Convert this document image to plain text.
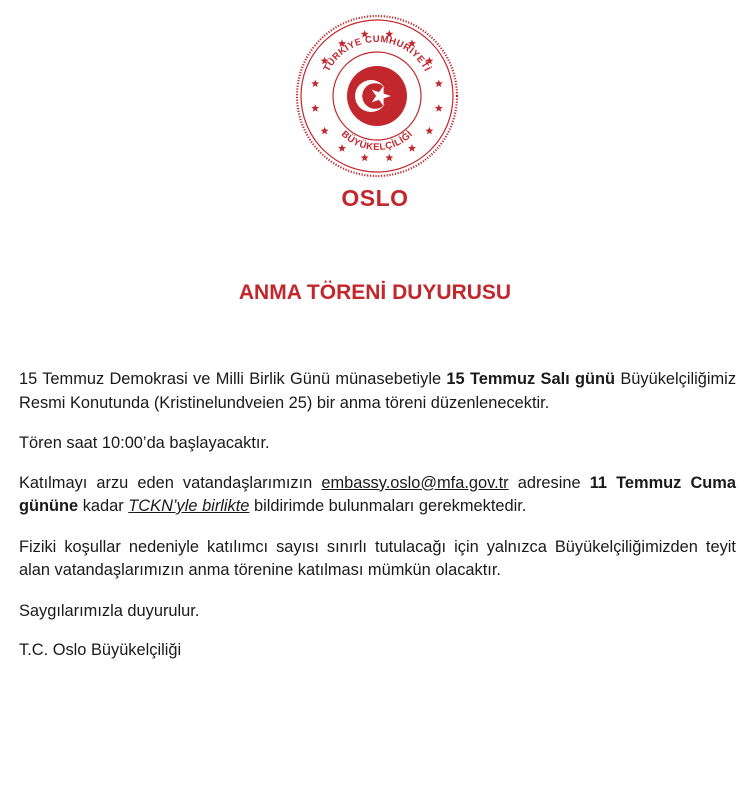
TÜRKİYE CUMHURİYETİ
BÜYÜKELÇİLİĞİ
OSLO
ANMA TÖRENİ DUYURUSU

15 Temmuz Demokrasi ve Milli Birlik Günü münasebetiyle 15 Temmuz Salı günü Büyükelçiliğimiz Resmi Konutunda (Kristinelundveien 25) bir anma töreni düzenlenecektir.

Tören saat 10:00’da başlayacaktır.

Katılmayı arzu eden vatandaşlarımızın embassy.oslo@mfa.gov.tr adresine 11 Temmuz Cuma gününe kadar TCKN’yle birlikte bildirimde bulunmaları gerekmektedir.

Fiziki koşullar nedeniyle katılımcı sayısı sınırlı tutulacağı için yalnızca Büyükelçiliğimizden teyit alan vatandaşlarımızın anma törenine katılması mümkün olacaktır.

Saygılarımızla duyurulur.

T.C. Oslo Büyükelçiliği
